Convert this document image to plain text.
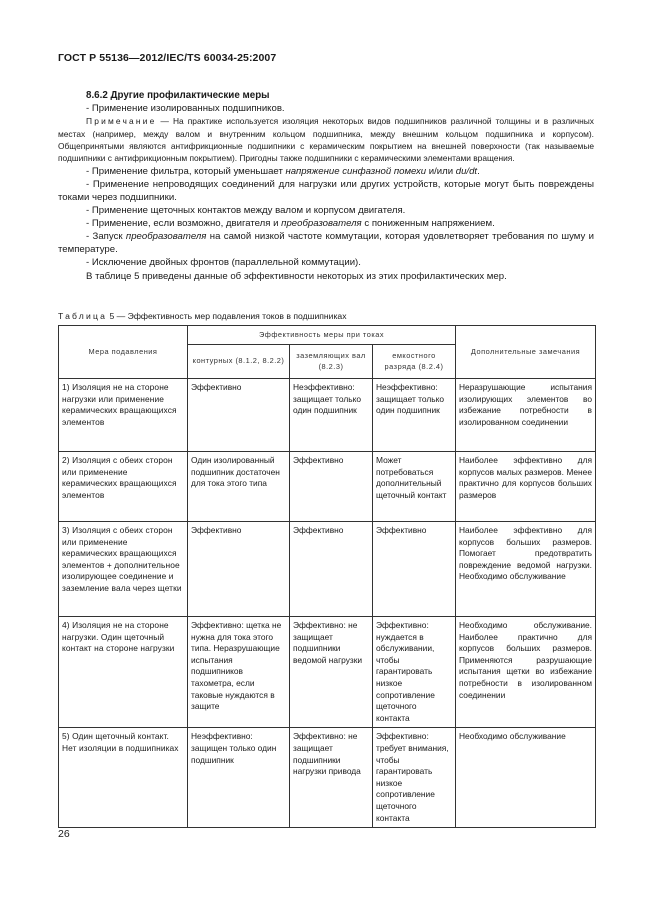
ГОСТ Р 55136—2012/IEC/TS 60034-25:2007

8.6.2 Другие профилактические меры

- Применение изолированных подшипников.

Примечание — На практике используется изоляция некоторых видов подшипников различной толщины и в различных местах (например, между валом и внутренним кольцом подшипника, между внешним кольцом подшипника и корпусом). Общепринятыми являются антифрикционные подшипники с керамическим покрытием на внешней поверхности (так называемые подшипники с антифрикционным покрытием). Пригодны также подшипники с керамическими элементами вращения.

- Применение фильтра, который уменьшает напряжение синфазной помехи и/или du/dt.

- Применение непроводящих соединений для нагрузки или других устройств, которые могут быть повреждены токами через подшипники.

- Применение щеточных контактов между валом и корпусом двигателя.

- Применение, если возможно, двигателя и преобразователя с пониженным напряжением.

- Запуск преобразователя на самой низкой частоте коммутации, которая удовлетворяет требования по шуму и температуре.

- Исключение двойных фронтов (параллельной коммутации).

В таблице 5 приведены данные об эффективности некоторых из этих профилактических мер.

Таблица 5 — Эффективность мер подавления токов в подшипниках
Мера подавления	Эффективность меры при токах			Дополнительные замечания
	контурных (8.1.2, 8.2.2)	заземляющих вал (8.2.3)	емкостного разряда (8.2.4)	
1) Изоляция не на стороне нагрузки или применение керамических вращающихся элементов	Эффективно	Неэффективно: защищает только один подшипник	Неэффективно: защищает только один подшипник	Неразрушающие испытания изолирующих элементов во избежание потребности в изолированном соединении
2) Изоляция с обеих сторон или применение керамических вращающихся элементов	Один изолированный подшипник достаточен для тока этого типа	Эффективно	Может потребоваться дополнительный щеточный контакт	Наиболее эффективно для корпусов малых размеров. Менее практично для корпусов больших размеров
3) Изоляция с обеих сторон или применение керамических вращающихся элементов + дополнительное изолирующее соединение и заземление вала через щетки	Эффективно	Эффективно	Эффективно	Наиболее эффективно для корпусов больших размеров. Помогает предотвратить повреждение ведомой нагрузки. Необходимо обслуживание
4) Изоляция не на стороне нагрузки. Один щеточный контакт на стороне нагрузки	Эффективно: щетка не нужна для тока этого типа. Неразрушающие испытания подшипников тахометра, если таковые нуждаются в защите	Эффективно: не защищает подшипники ведомой нагрузки	Эффективно: нуждается в обслуживании, чтобы гарантировать низкое сопротивление щеточного контакта	Необходимо обслуживание. Наиболее практично для корпусов больших размеров. Применяются разрушающие испытания щетки во избежание потребности в изолированном соединении
5) Один щеточный контакт. Нет изоляции в подшипниках	Неэффективно: защищен только один подшипник	Эффективно: не защищает подшипники нагрузки привода	Эффективно: требует внимания, чтобы гарантировать низкое сопротивление щеточного контакта	Необходимо обслуживание
26
